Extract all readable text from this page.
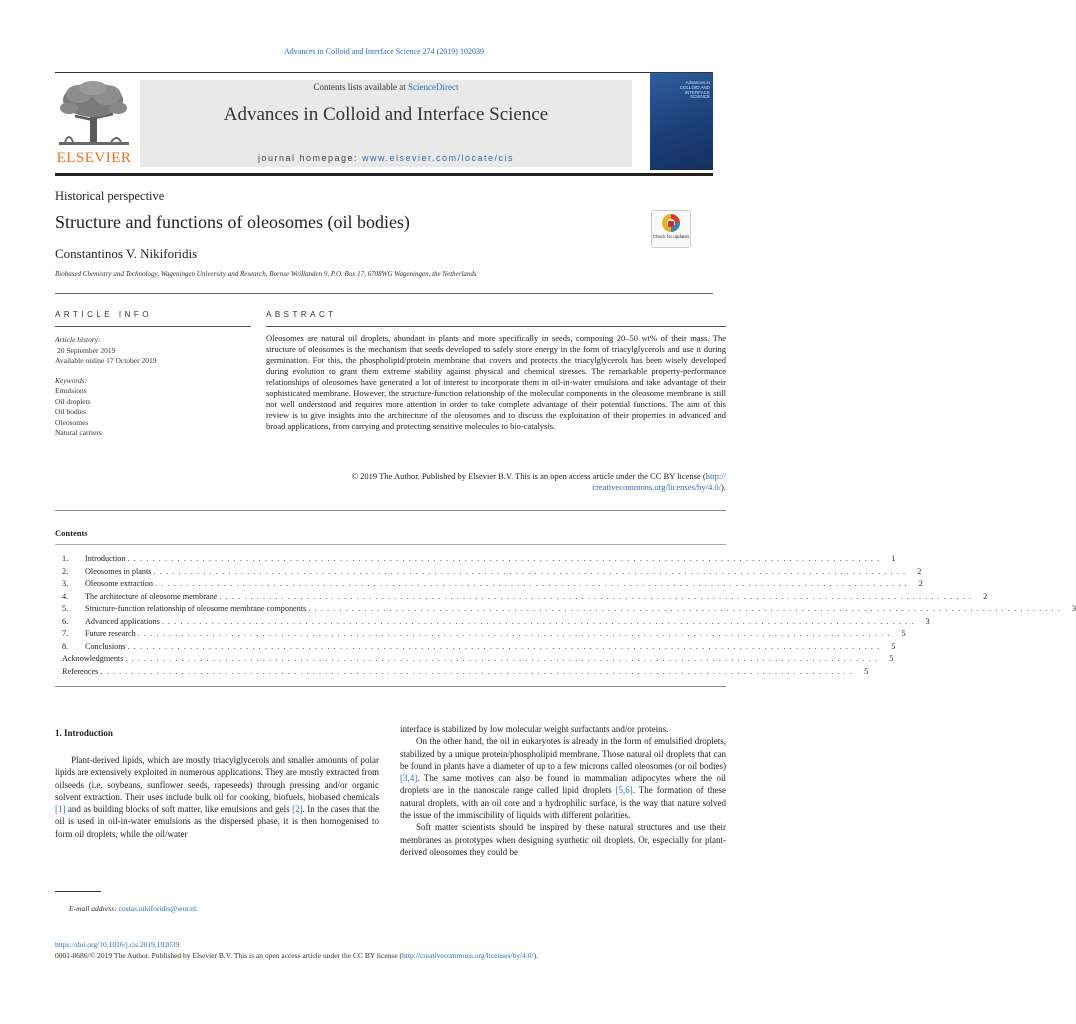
Advances in Colloid and Interface Science 274 (2019) 102039
ELSEVIER
Contents lists available at ScienceDirect
Advances in Colloid and Interface Science
journal homepage: www.elsevier.com/locate/cis
Advances in COLLOID AND INTERFACE SCIENCE
Historical perspective
Structure and functions of oleosomes (oil bodies)
Constantinos V. Nikiforidis
Biobased Chemistry and Technology, Wageningen University and Research, Bornse Weillanden 9, P.O. Box 17, 6708WG Wageningen, the Netherlands
Check for updates
ARTICLE INFO	ABSTRACT
Article history:
20 September 2019
Available online 17 October 2019
Keywords:
Emulsions
Oil droplets
Oil bodies
Oleosomes
Natural carriers
Oleosomes are natural oil droplets, abundant in plants and more specifically in seeds, composing 20–50 wt% of their mass. The structure of oleosomes is the mechanism that seeds developed to safely store energy in the form of triacylglycerols and use it during germination. For this, the phospholipid/protein membrane that covers and protects the triacylglycerols has been wisely developed during evolution to grant them extreme stability against physical and chemical stresses. The remarkable property-performance relationships of oleosomes have generated a lot of interest to incorporate them in oil-in-water emulsions and take advantage of their sophisticated membrane. However, the structure-function relationship of the molecular components in the oleosome membrane is still not well understood and requires more attention in order to take complete advantage of their potential functions. The aim of this review is to give insights into the architecture of the oleosomes and to discuss the exploitation of their properties in advanced and broad applications, from carrying and protecting sensitive molecules to bio-catalysis.
© 2019 The Author. Published by Elsevier B.V. This is an open access article under the CC BY license (http://
creativecommons.org/licenses/by/4.0/).
Contents
1.	Introduction ......................................................................................................................... 1
2.	Oleosomes in plants ......................................................................................................................... 2
3.	Oleosome extraction ......................................................................................................................... 2
4.	The architecture of oleosome membrane ......................................................................................................................... 2
5.	Structure-function relationship of oleosome membrane components ......................................................................................................................... 3
6.	Advanced applications ......................................................................................................................... 3
7.	Future research ......................................................................................................................... 5
8.	Conclusions ......................................................................................................................... 5
Acknowledgments ......................................................................................................................... 5
References ......................................................................................................................... 5
1. Introduction

Plant-derived lipids, which are mostly triacylglycerols and smaller amounts of polar lipids are extensively exploited in numerous applications. They are mostly extracted from oilseeds (i.e. soybeans, sunflower seeds, rapeseeds) through pressing and/or organic solvent extraction. Their uses include bulk oil for cooking, biofuels, biobased chemicals [1] and as building blocks of soft matter, like emulsions and gels [2]. In the cases that the oil is used in oil-in-water emulsions as the dispersed phase, it is then homogenised to form oil droplets, while the oil/water

interface is stabilized by low molecular weight surfactants and/or proteins.

On the other hand, the oil in eukaryotes is already in the form of emulsified droplets, stabilized by a unique protein/phospholipid membrane. Those natural oil droplets that can be found in plants have a diameter of up to a few microns called oleosomes (or oil bodies) [3,4]. The same motives can also be found in mammalian adipocytes where the oil droplets are in the nanoscale range called lipid droplets [5,6]. The formation of these natural droplets, with an oil core and a hydrophilic surface, is the way that nature solved the issue of the immiscibility of liquids with different polarities.

Soft matter scientists should be inspired by these natural structures and use their membranes as prototypes when designing synthetic oil droplets. Or, especially for plant-derived oleosomes they could be

E-mail address: costas.nikiforidis@wur.nl.
https://doi.org/10.1016/j.cis.2019.102039
0001-8686/© 2019 The Author. Published by Elsevier B.V. This is an open access article under the CC BY license (http://creativecommons.org/licenses/by/4.0/).
